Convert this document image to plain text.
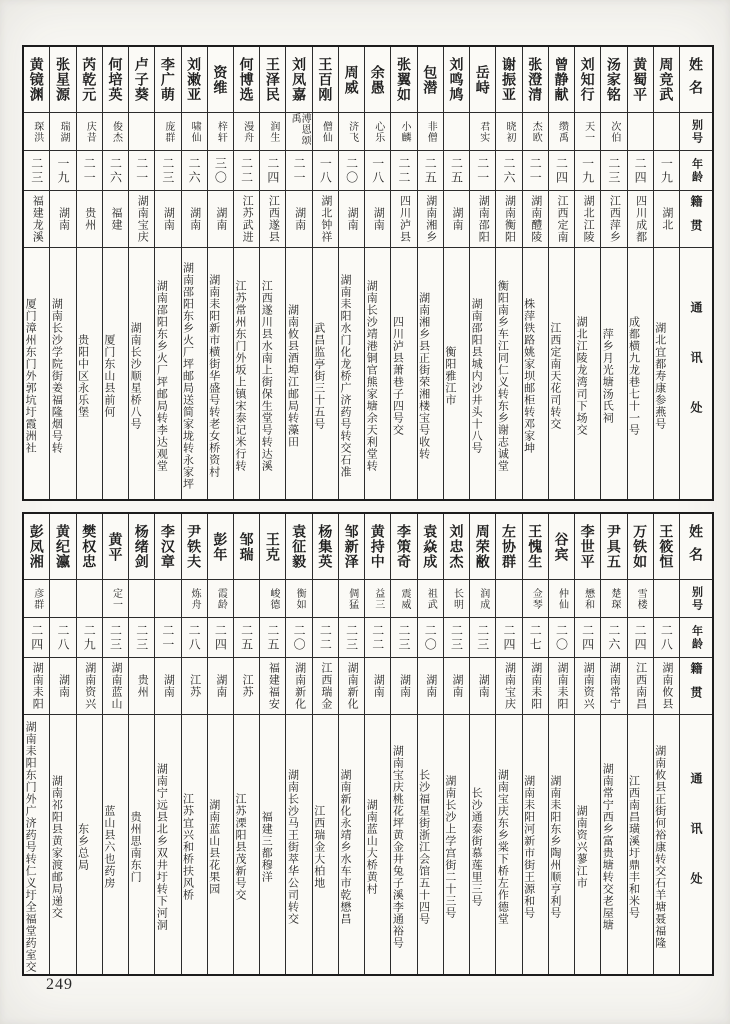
姓名
别号
年龄
籍贯
通讯处
周竞武
一九
湖北
湖北宜都寿康参燕号
黄蜀平
二四
四川成都
成都横九龙巷七十一号
汤家铭
次伯
二三
江西萍乡
萍乡月光塘汤氏祠
刘知行
天一
一九
湖北江陵
湖北江陵龙湾司下场交
曾静献
缵禹
二四
江西定南
江西定南天花司转交
张澄清
杰欧
二一
湖南醴陵
株萍铁路姚家坝邮柜转邓家坤
谢振亚
晓初
二六
湖南衡阳
衡阳南乡车江同仁义转东乡谢志诚堂
岳峙
君实
二一
湖南邵阳
湖南邵阳县城内沙井头十八号
刘鸣鸠
二五
湖南
衡阳雅江市
包潜
非僧
二五
湖南湘乡
湖南湘乡县正街荣湘楼宝号收转
张翼如
小麟
二二
四川泸县
四川泸县萧巷子四号交
余愚
心乐
一八
湖南
湖南长沙靖港铜官熊家塘余天利堂转
周威
济飞
二〇
湖南
湖南耒阳水门化龙桥广济药号转交石准
王百刚
僧仙
一八
湖北钟祥
武昌监亭街三十五号
刘凤嘉
溥恩颂禹
二一
湖南
湖南攸县酒埠江邮局转藻田
王泽民
润生
二四
江西遂县
江西遂川县水南上街保生堂号转达溪
何博选
漫舟
二二
江苏武进
江苏常州东门外坂上镇宋泰记米行转
资维
梓轩
三〇
湖南
湖南耒阳新市横街华盛号转老女桥资村
刘潄亚
啸仙
二六
湖南
湖南邵阳东乡火厂坪邮局送简家垅转永家坪
李广萌
庞群
二三
湖南
湖南邵阳东乡火厂坪邮局转李达观堂
卢子葵
二一
湖南宝庆
湖南长沙顺星桥八号
何培英
俊杰
二六
福建
厦门东山县前何
芮乾元
庆昔
二一
贵州
贵阳中区永乐堡
张星源
瑞湖
一九
湖南
湖南长沙学院街姜福隆烟号转
黄镜渊
琛洪
二三
福建龙溪
厦门漳州东门外郭坑圩霞洲社
姓名
别号
年龄
籍贯
通讯处
王筱恒
二八
湖南攸县
湖南攸县正街何裕康转交石羊塘聂福隆
万铁如
雪楼
二四
江西南昌
江西南昌璜溪圩鼎丰和米号
尹具五
楚琛
二六
湖南常宁
湖南常宁西乡富贵塘转交老屋塘
李世平
懋和
二四
湖南资兴
湖南资兴蓼江市
谷宾
仲仙
二〇
湖南耒阳
湖南耒阳东乡陶州顺亨利号
王愧生
佥琴
二七
湖南耒阳
湖南耒阳河新市街王源和号
左协群
二四
湖南宝庆
湖南宝庆东乡棠下桥左作德堂
周荣敝
润成
二三
湖南
长沙通泰街慕莲里三号
刘忠杰
长明
二三
湖南
湖南长沙上学宫街二十三号
袁焱成
祖武
二〇
湖南
长沙福星街浙江会馆五十四号
李策奇
震威
二三
湖南
湖南宝庆桃花坪黄金井兔子溪李通裕号
黄持中
益三
二二
湖南
湖南蓝山大桥黄村
邹新泽
倜猛
二三
湖南新化
湖南新化永靖乡水车市乾懋昌
杨集英
二二
江西瑞金
江西瑞金大柏地
袁征毅
衡如
二〇
湖南新化
湖南长沙马王街萃华公司转交
王克
峻德
二五
福建福安
福建三都穆洋
邹瑞
二五
江苏
江苏溧阳县茂新号交
彭年
霞龄
二四
湖南
湖南蓝山县花果园
尹铁夫
炼舟
二八
江苏
江苏宜兴和桥扶风桥
李汉章
二一
湖南
湖南宁远县北乡双井圩转下河洞
杨绪剑
二三
贵州
贵州思南东门
黄平
定一
二三
湖南蓝山
蓝山县六也药房
樊权忠
二九
湖南资兴
东乡总局
黄纪瀛
二八
湖南
湖南祁阳县黄家渡邮局递交
彭凤湘
彦群
二四
湖南耒阳
湖南耒阳东门外广济药号转仁义圩全福堂药室交
249
